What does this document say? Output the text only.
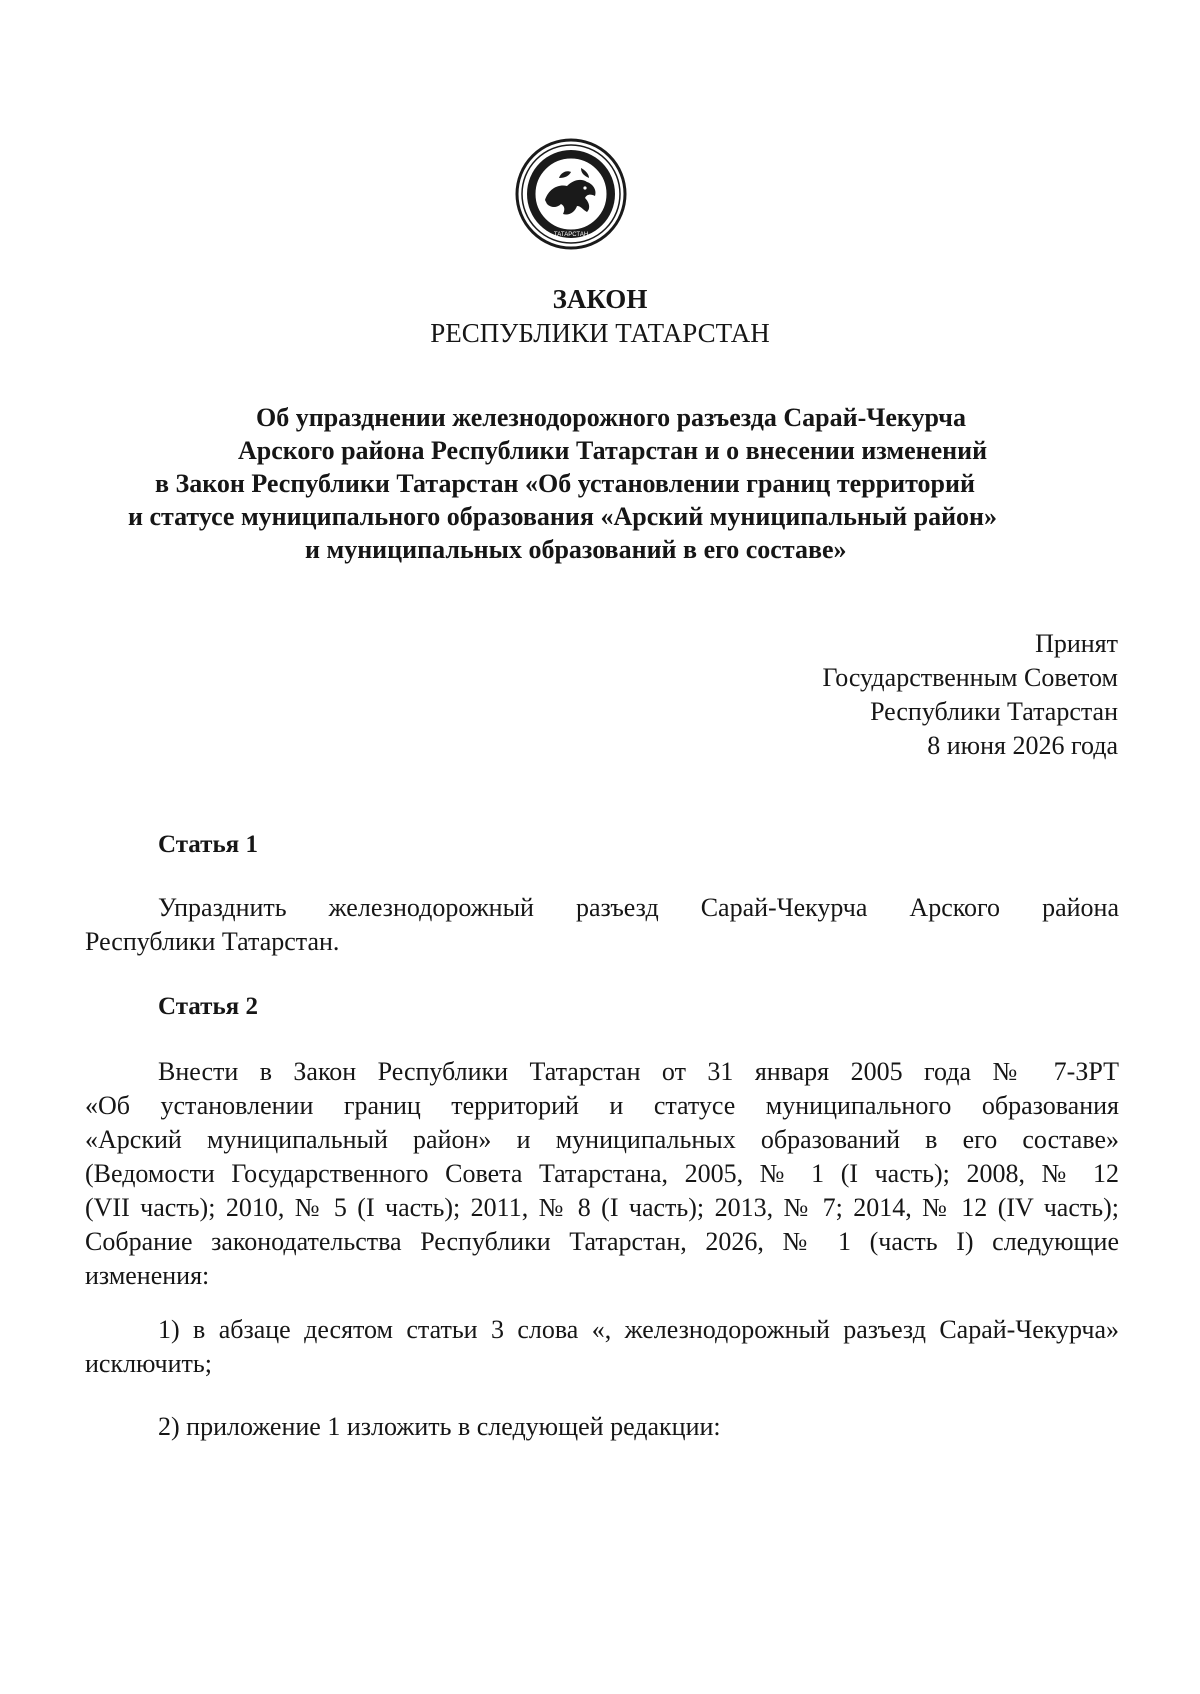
ТАТАРСТАН
ЗАКОН
РЕСПУБЛИКИ ТАТАРСТАН
Об упразднении железнодорожного разъезда Сарай-Чекурча
Арского района Республики Татарстан и о внесении изменений
в Закон Республики Татарстан «Об установлении границ территорий
и статусе муниципального образования «Арский муниципальный район»
и муниципальных образований в его составе»
Принят
Государственным Советом
Республики Татарстан
8 июня 2026 года
Статья 1
Упразднить железнодорожный разъезд Сарай-Чекурча Арского района
Республики Татарстан.
Статья 2
Внести в Закон Республики Татарстан от 31 января 2005 года № 7-ЗРТ
«Об установлении границ территорий и статусе муниципального образования
«Арский муниципальный район» и муниципальных образований в его составе»
(Ведомости Государственного Совета Татарстана, 2005, № 1 (I часть); 2008, № 12
(VII часть); 2010, № 5 (I часть); 2011, № 8 (I часть); 2013, № 7; 2014, № 12 (IV часть);
Собрание законодательства Республики Татарстан, 2026, № 1 (часть I) следующие
изменения:
1) в абзаце десятом статьи 3 слова «, железнодорожный разъезд Сарай-Чекурча»
исключить;
2) приложение 1 изложить в следующей редакции:
